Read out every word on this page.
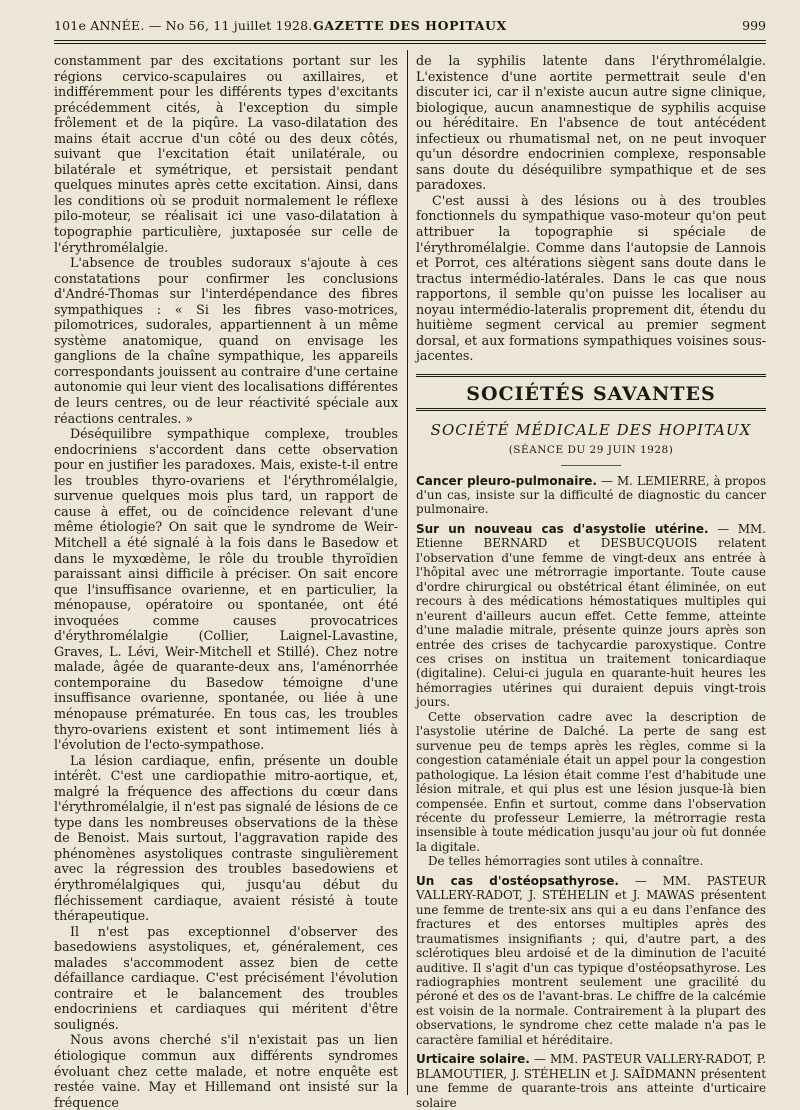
101e ANNÉE. — No 56, 11 juillet 1928. GAZETTE DES HOPITAUX	999

constamment par des excitations portant sur les régions cervico-scapulaires ou axillaires, et indifféremment pour les différents types d'excitants précédemment cités, à l'exception du simple frôlement et de la piqûre. La vaso-dilatation des mains était accrue d'un côté ou des deux côtés, suivant que l'excitation était unilatérale, ou bilatérale et symétrique, et persistait pendant quelques minutes après cette excitation. Ainsi, dans les conditions où se produit normalement le réflexe pilo-moteur, se réalisait ici une vaso-dilatation à topographie particulière, juxtaposée sur celle de l'érythromélalgie.

L'absence de troubles sudoraux s'ajoute à ces constatations pour confirmer les conclusions d'André-Thomas sur l'interdépendance des fibres sympathiques : « Si les fibres vaso-motrices, pilomotrices, sudorales, appartiennent à un même système anatomique, quand on envisage les ganglions de la chaîne sympathique, les appareils correspondants jouissent au contraire d'une certaine autonomie qui leur vient des localisations différentes de leurs centres, ou de leur réactivité spéciale aux réactions centrales. »

Déséquilibre sympathique complexe, troubles endocriniens s'accordent dans cette observation pour en justifier les paradoxes. Mais, existe-t-il entre les troubles thyro-ovariens et l'érythromélalgie, survenue quelques mois plus tard, un rapport de cause à effet, ou de coïncidence relevant d'une même étiologie? On sait que le syndrome de Weir-Mitchell a été signalé à la fois dans le Basedow et dans le myxœdème, le rôle du trouble thyroïdien paraissant ainsi difficile à préciser. On sait encore que l'insuffisance ovarienne, et en particulier, la ménopause, opératoire ou spontanée, ont été invoquées comme causes provocatrices d'érythromélalgie (Collier, Laignel-Lavastine, Graves, L. Lévi, Weir-Mitchell et Stillé). Chez notre malade, âgée de quarante-deux ans, l'aménorrhée contemporaine du Basedow témoigne d'une insuffisance ovarienne, spontanée, ou liée à une ménopause prématurée. En tous cas, les troubles thyro-ovariens existent et sont intimement liés à l'évolution de l'ecto-sympathose.

La lésion cardiaque, enfin, présente un double intérêt. C'est une cardiopathie mitro-aortique, et, malgré la fréquence des affections du cœur dans l'érythromélalgie, il n'est pas signalé de lésions de ce type dans les nombreuses observations de la thèse de Benoist. Mais surtout, l'aggravation rapide des phénomènes asystoliques contraste singulièrement avec la régression des troubles basedowiens et érythromélalgiques qui, jusqu'au début du fléchissement cardiaque, avaient résisté à toute thérapeutique.

Il n'est pas exceptionnel d'observer des basedowiens asystoliques, et, généralement, ces malades s'accommodent assez bien de cette défaillance cardiaque. C'est précisément l'évolution contraire et le balancement des troubles endocriniens et cardiaques qui méritent d'être soulignés.

Nous avons cherché s'il n'existait pas un lien étiologique commun aux différents syndromes évoluant chez cette malade, et notre enquête est restée vaine. May et Hillemand ont insisté sur la fréquence

de la syphilis latente dans l'érythromélalgie. L'existence d'une aortite permettrait seule d'en discuter ici, car il n'existe aucun autre signe clinique, biologique, aucun anamnestique de syphilis acquise ou héréditaire. En l'absence de tout antécédent infectieux ou rhumatismal net, on ne peut invoquer qu'un désordre endocrinien complexe, responsable sans doute du déséquilibre sympathique et de ses paradoxes.

C'est aussi à des lésions ou à des troubles fonctionnels du sympathique vaso-moteur qu'on peut attribuer la topographie si spéciale de l'érythromélalgie. Comme dans l'autopsie de Lannois et Porrot, ces altérations siègent sans doute dans le tractus intermédio-latérales. Dans le cas que nous rapportons, il semble qu'on puisse les localiser au noyau intermédio-lateralis proprement dit, étendu du huitième segment cervical au premier segment dorsal, et aux formations sympathiques voisines sous-jacentes.

SOCIÉTÉS SAVANTES
SOCIÉTÉ MÉDICALE DES HOPITAUX
(SÉANCE DU 29 JUIN 1928)

Cancer pleuro-pulmonaire. — M. LEMIERRE, à propos d'un cas, insiste sur la difficulté de diagnostic du cancer pulmonaire.

Sur un nouveau cas d'asystolie utérine. — MM. Etienne BERNARD et DESBUCQUOIS relatent l'observation d'une femme de vingt-deux ans entrée à l'hôpital avec une métrorragie importante. Toute cause d'ordre chirurgical ou obstétrical étant éliminée, on eut recours à des médications hémostatiques multiples qui n'eurent d'ailleurs aucun effet. Cette femme, atteinte d'une maladie mitrale, présente quinze jours après son entrée des crises de tachycardie paroxystique. Contre ces crises on institua un traitement tonicardiaque (digitaline). Celui-ci jugula en quarante-huit heures les hémorragies utérines qui duraient depuis vingt-trois jours.

Cette observation cadre avec la description de l'asystolie utérine de Dalché. La perte de sang est survenue peu de temps après les règles, comme si la congestion cataméniale était un appel pour la congestion pathologique. La lésion était comme l'est d'habitude une lésion mitrale, et qui plus est une lésion jusque-là bien compensée. Enfin et surtout, comme dans l'observation récente du professeur Lemierre, la métrorragie resta insensible à toute médication jusqu'au jour où fut donnée la digitale.

De telles hémorragies sont utiles à connaître.

Un cas d'ostéopsathyrose. — MM. PASTEUR VALLERY-RADOT, J. STÉHELIN et J. MAWAS présentent une femme de trente-six ans qui a eu dans l'enfance des fractures et des entorses multiples après des traumatismes insignifiants ; qui, d'autre part, a des sclérotiques bleu ardoisé et de la diminution de l'acuité auditive. Il s'agit d'un cas typique d'ostéopsathyrose. Les radiographies montrent seulement une gracilité du péroné et des os de l'avant-bras. Le chiffre de la calcémie est voisin de la normale. Contrairement à la plupart des observations, le syndrome chez cette malade n'a pas le caractère familial et héréditaire.

Urticaire solaire. — MM. PASTEUR VALLERY-RADOT, P. BLAMOUTIER, J. STÉHELIN et J. SAÏDMANN présentent une femme de quarante-trois ans atteinte d'urticaire solaire
